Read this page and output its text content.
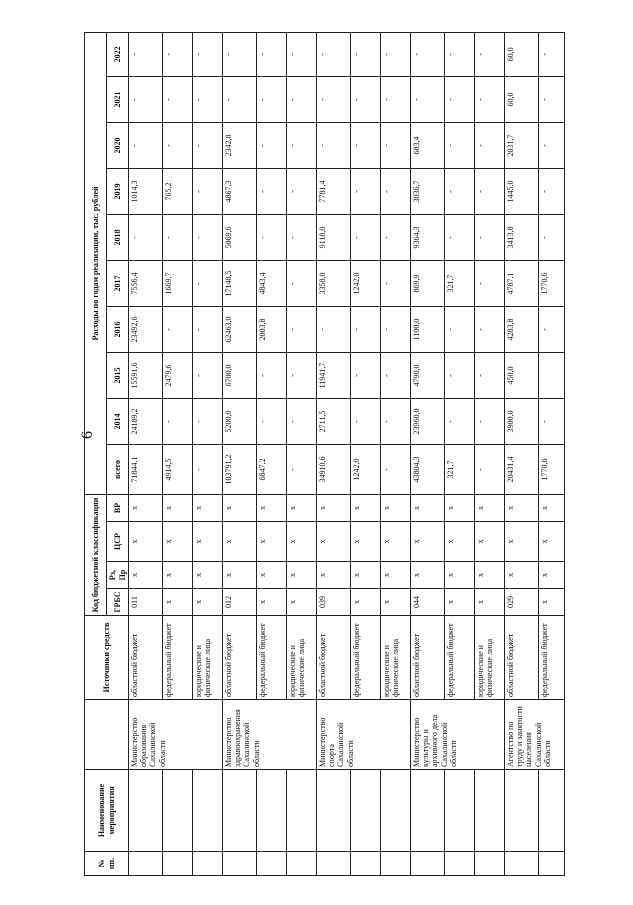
6
№ пп.	Наименование мероприятия		Источники средств	Код бюджетной классификации				Расходы по годам реализации, тыс. рублей									
				ГРБС	Рз, Пр	ЦСР	ВР	всего	2014	2015	2016	2017	2018	2019	2020	2021	2022
		Министерство образования Сахалинской области	областной бюджет	011	x	x	x	71844,1	24189,2	15591,6	23492,6	7556,4	-	1014,3	-	-	-
			федеральный бюджет	x	x	x	x	4914,5	-	2479,6	-	1669,7	-	765,2	-	-	-
			юридические и физические лица	x	x	x	x	-	-	-	-	-	-	-	-	-	-
		Министерство здравоохранения Сахалинской области	областной бюджет	012	x	x	x	103791,2	5200,0	6700,0	62463,0	17148,5	5069,6	4867,3	2342,8	-	-
			федеральный бюджет	x	x	x	x	6847,2	-	-	2003,8	4843,4	-	-	-	-	-
			юридические и физические лица	x	x	x	x	-	-	-	-	-	-	-	-	-	-
		Министерство спорта Сахалинской области	областной бюджет	039	x	x	x	34910,6	2711,5	11941,7	-	3358,0	9118,0	7781,4	-	-	-
			федеральный бюджет	x	x	x	x	1242,0	-	-	-	1242,0	-	-	-	-	-
			юридические и физические лица	x	x	x	x	-	-	-	-	-	-	-	-	-	-
		Министерство культуры и архивного дела Сахалинской области	областной бюджет	044	x	x	x	43804,3	23960,0	4790,0	1100,0	869,9	9364,3	3036,7	683,4	-	-
			федеральный бюджет	x	x	x	x	321,7	-	-	-	321,7	-	-	-	-	-
			юридические и физические лица	x	x	x	x	-	-	-	-	-	-	-	-	-	-
		Агентство по труду и занятости населения Сахалинской области	областной бюджет	029	x	x	x	20431,4	3900,0	450,0	4283,8	4787,1	3413,8	1445,0	2031,7	60,0	60,0
			федеральный бюджет	x	x	x	x	1770,6	-		-	1770,6	-	-	-	-	-
